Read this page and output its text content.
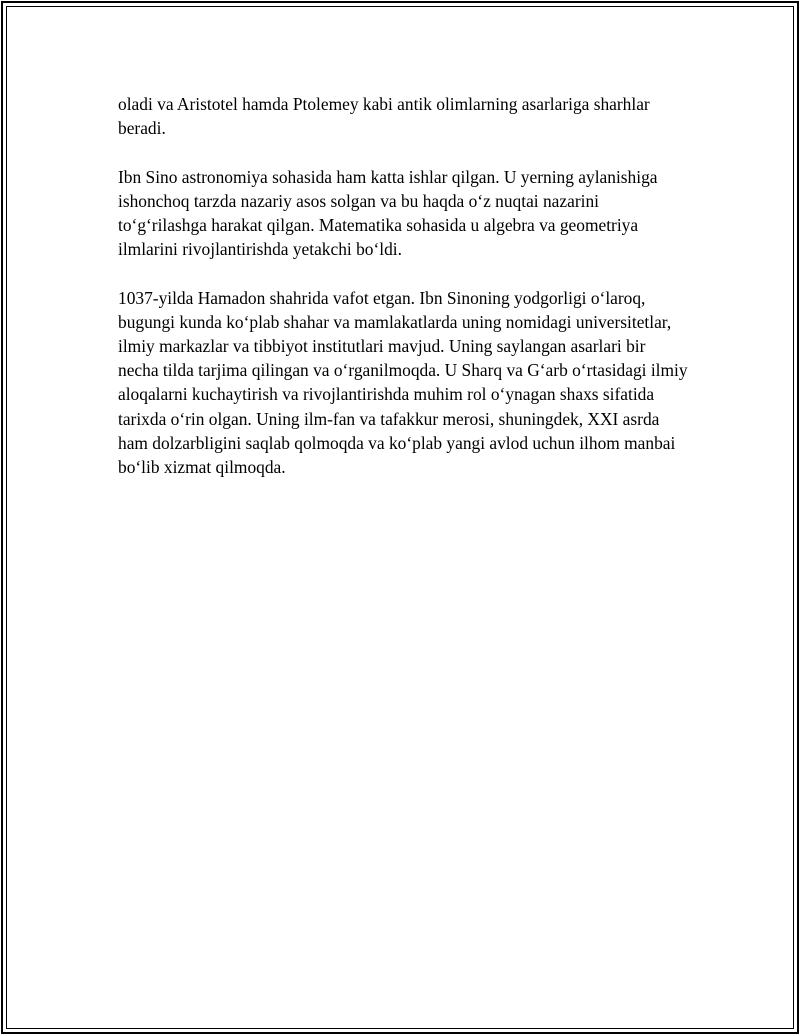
oladi va Aristotel hamda Ptolemey kabi antik olimlarning asarlariga sharhlar beradi.

Ibn Sino astronomiya sohasida ham katta ishlar qilgan. U yerning aylanishiga ishonchoq tarzda nazariy asos solgan va bu haqda o‘z nuqtai nazarini to‘g‘rilashga harakat qilgan. Matematika sohasida u algebra va geometriya ilmlarini rivojlantirishda yetakchi bo‘ldi.

1037-yilda Hamadon shahrida vafot etgan. Ibn Sinoning yodgorligi o‘laroq, bugungi kunda ko‘plab shahar va mamlakatlarda uning nomidagi universitetlar, ilmiy markazlar va tibbiyot institutlari mavjud. Uning saylangan asarlari bir necha tilda tarjima qilingan va o‘rganilmoqda. U Sharq va G‘arb o‘rtasidagi ilmiy aloqalarni kuchaytirish va rivojlantirishda muhim rol o‘ynagan shaxs sifatida tarixda o‘rin olgan. Uning ilm-fan va tafakkur merosi, shuningdek, XXI asrda ham dolzarbligini saqlab qolmoqda va ko‘plab yangi avlod uchun ilhom manbai bo‘lib xizmat qilmoqda.
